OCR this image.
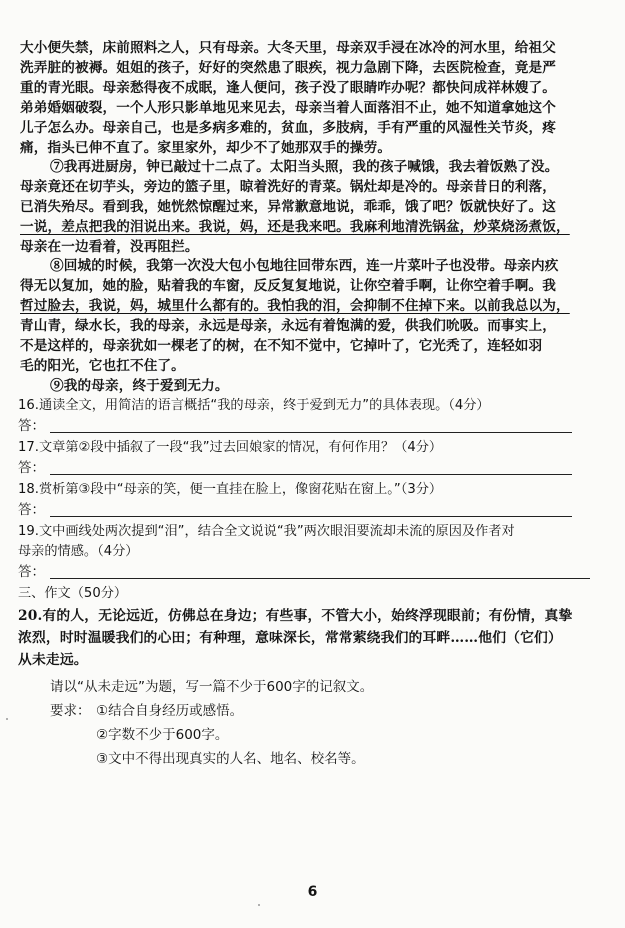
大小便失禁，床前照料之人，只有母亲。大冬天里，母亲双手浸在冰冷的河水里，给祖父
洗弄脏的被褥。姐姐的孩子，好好的突然患了眼疾，视力急剧下降，去医院检查，竟是严
重的青光眼。母亲愁得夜不成眠，逢人便问，孩子没了眼睛咋办呢？都快问成祥林嫂了。
弟弟婚姻破裂，一个人形只影单地见来见去，母亲当着人面落泪不止，她不知道拿她这个
儿子怎么办。母亲自己，也是多病多难的，贫血，多肢病，手有严重的风湿性关节炎，疼
痛，指头已伸不直了。家里家外，却少不了她那双手的操劳。
⑦我再进厨房，钟已敲过十二点了。太阳当头照，我的孩子喊饿，我去着饭熟了没。
母亲竟还在切芋头，旁边的篮子里，晾着洗好的青菜。锅灶却是冷的。母亲昔日的利落，
已消失殆尽。看到我，她恍然惊醒过来，异常歉意地说，乖乖，饿了吧？饭就快好了。这
一说，差点把我的泪说出来。我说，妈，还是我来吧。我麻利地清洗锅盆，炒菜烧汤煮饭，
母亲在一边看着，没再阻拦。
⑧回城的时候，我第一次没大包小包地往回带东西，连一片菜叶子也没带。母亲内疚
得无以复加，她的脸，贴着我的车窗，反反复复地说，让你空着手啊，让你空着手啊。我
哲过脸去，我说，妈，城里什么都有的。我怕我的泪，会抑制不住掉下来。以前我总以为，
青山青，绿水长，我的母亲，永远是母亲，永远有着饱满的爱，供我们吮吸。而事实上，
不是这样的，母亲犹如一棵老了的树，在不知不觉中，它掉叶了，它光秃了，连轻如羽
毛的阳光，它也扛不住了。
⑨我的母亲，终于爱到无力。
16.通读全文，用简洁的语言概括“我的母亲，终于爱到无力”的具体表现。（4分）
答：
17.文章第②段中插叙了一段“我”过去回娘家的情况，有何作用？（4分）
答：
18.赏析第③段中“母亲的笑，便一直挂在脸上，像窗花贴在窗上。”（3分）
答：
19.文中画线处两次提到“泪”，结合全文说说“我”两次眼泪要流却未流的原因及作者对
母亲的情感。（4分）
答：
三、作文（50分）
20.有的人，无论远近，仿佛总在身边；有些事，不管大小，始终浮现眼前；有份情，真挚
浓烈，时时温暖我们的心田；有种理，意味深长，常常萦绕我们的耳畔……他们（它们）
从未走远。
请以“从未走远”为题，写一篇不少于600字的记叙文。
要求： ①结合自身经历或感悟。
②字数不少于600字。
③文中不得出现真实的人名、地名、校名等。
6
